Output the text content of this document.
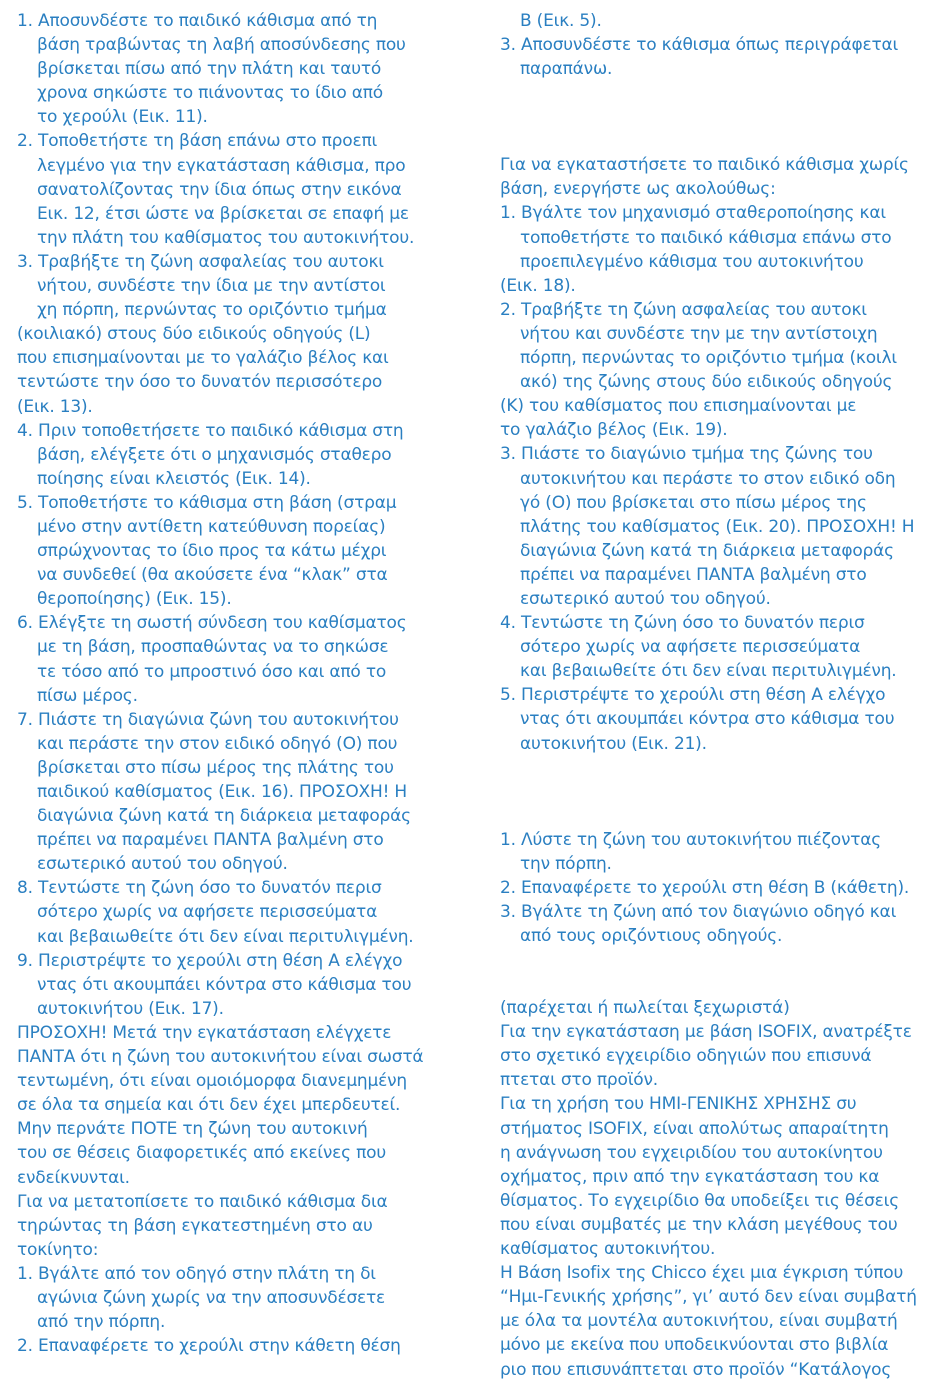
1. Αποσυνδέστε το παιδικό κάθισμα από τη
βάση τραβώντας τη λαβή αποσύνδεσης που
βρίσκεται πίσω από την πλάτη και ταυτό
χρονα σηκώστε το πιάνοντας το ίδιο από
το χερούλι (Εικ. 11).
2. Τοποθετήστε τη βάση επάνω στο προεπι
λεγμένο για την εγκατάσταση κάθισμα, προ
σανατολίζοντας την ίδια όπως στην εικόνα
Εικ. 12, έτσι ώστε να βρίσκεται σε επαφή με
την πλάτη του καθίσματος του αυτοκινήτου.
3. Τραβήξτε τη ζώνη ασφαλείας του αυτοκι
νήτου, συνδέστε την ίδια με την αντίστοι
χη πόρπη, περνώντας το οριζόντιο τμήμα
(κοιλιακό) στους δύο ειδικούς οδηγούς (L)
που επισημαίνονται με το γαλάζιο βέλος και
τεντώστε την όσο το δυνατόν περισσότερο
(Εικ. 13).
4. Πριν τοποθετήσετε το παιδικό κάθισμα στη
βάση, ελέγξετε ότι ο μηχανισμός σταθερο
ποίησης είναι κλειστός (Εικ. 14).
5. Τοποθετήστε το κάθισμα στη βάση (στραμ
μένο στην αντίθετη κατεύθυνση πορείας)
σπρώχνοντας το ίδιο προς τα κάτω μέχρι
να συνδεθεί (θα ακούσετε ένα “κλακ” στα
θεροποίησης) (Εικ. 15).
6. Ελέγξτε τη σωστή σύνδεση του καθίσματος
με τη βάση, προσπαθώντας να το σηκώσε
τε τόσο από το μπροστινό όσο και από το
πίσω μέρος.
7. Πιάστε τη διαγώνια ζώνη του αυτοκινήτου
και περάστε την στον ειδικό οδηγό (O) που
βρίσκεται στο πίσω μέρος της πλάτης του
παιδικού καθίσματος (Εικ. 16). ΠΡΟΣΟΧΗ! Η
διαγώνια ζώνη κατά τη διάρκεια μεταφοράς
πρέπει να παραμένει ΠΑΝΤΑ βαλμένη στο
εσωτερικό αυτού του οδηγού.
8. Τεντώστε τη ζώνη όσο το δυνατόν περισ
σότερο χωρίς να αφήσετε περισσεύματα
και βεβαιωθείτε ότι δεν είναι περιτυλιγμένη.
9. Περιστρέψτε το χερούλι στη θέση Α ελέγχο
ντας ότι ακουμπάει κόντρα στο κάθισμα του
αυτοκινήτου (Εικ. 17).
ΠΡΟΣΟΧΗ! Μετά την εγκατάσταση ελέγχετε
ΠΑΝΤΑ ότι η ζώνη του αυτοκινήτου είναι σωστά
τεντωμένη, ότι είναι ομοιόμορφα διανεμημένη
σε όλα τα σημεία και ότι δεν έχει μπερδευτεί.
Μην περνάτε ΠΟΤΕ τη ζώνη του αυτοκινή
του σε θέσεις διαφορετικές από εκείνες που
ενδείκνυνται.
Για να μετατοπίσετε το παιδικό κάθισμα δια
τηρώντας τη βάση εγκατεστημένη στο αυ
τοκίνητο:
1. Βγάλτε από τον οδηγό στην πλάτη τη δι
αγώνια ζώνη χωρίς να την αποσυνδέσετε
από την πόρπη.
2. Επαναφέρετε το χερούλι στην κάθετη θέση
Β (Εικ. 5).
3. Αποσυνδέστε το κάθισμα όπως περιγράφεται
παραπάνω.
Για να εγκαταστήσετε το παιδικό κάθισμα χωρίς
βάση, ενεργήστε ως ακολούθως:
1. Βγάλτε τον μηχανισμό σταθεροποίησης και
τοποθετήστε το παιδικό κάθισμα επάνω στο
προεπιλεγμένο κάθισμα του αυτοκινήτου
(Εικ. 18).
2. Τραβήξτε τη ζώνη ασφαλείας του αυτοκι
νήτου και συνδέστε την με την αντίστοιχη
πόρπη, περνώντας το οριζόντιο τμήμα (κοιλι
ακό) της ζώνης στους δύο ειδικούς οδηγούς
(K) του καθίσματος που επισημαίνονται με
το γαλάζιο βέλος (Εικ. 19).
3. Πιάστε το διαγώνιο τμήμα της ζώνης του
αυτοκινήτου και περάστε το στον ειδικό οδη
γό (O) που βρίσκεται στο πίσω μέρος της
πλάτης του καθίσματος (Εικ. 20). ΠΡΟΣΟΧΗ! Η
διαγώνια ζώνη κατά τη διάρκεια μεταφοράς
πρέπει να παραμένει ΠΑΝΤΑ βαλμένη στο
εσωτερικό αυτού του οδηγού.
4. Τεντώστε τη ζώνη όσο το δυνατόν περισ
σότερο χωρίς να αφήσετε περισσεύματα
και βεβαιωθείτε ότι δεν είναι περιτυλιγμένη.
5. Περιστρέψτε το χερούλι στη θέση Α ελέγχο
ντας ότι ακουμπάει κόντρα στο κάθισμα του
αυτοκινήτου (Εικ. 21).
1. Λύστε τη ζώνη του αυτοκινήτου πιέζοντας
την πόρπη.
2. Επαναφέρετε το χερούλι στη θέση Β (κάθετη).
3. Βγάλτε τη ζώνη από τον διαγώνιο οδηγό και
από τους οριζόντιους οδηγούς.
(παρέχεται ή πωλείται ξεχωριστά)
Για την εγκατάσταση με βάση ISOFIX, ανατρέξτε
στο σχετικό εγχειρίδιο οδηγιών που επισυνά
πτεται στο προϊόν.
Για τη χρήση του ΗΜΙ-ΓΕΝΙΚΗΣ ΧΡΗΣΗΣ συ
στήματος ISOFIX, είναι απολύτως απαραίτητη
η ανάγνωση του εγχειριδίου του αυτοκίνητου
οχήματος, πριν από την εγκατάσταση του κα
θίσματος. Το εγχειρίδιο θα υποδείξει τις θέσεις
που είναι συμβατές με την κλάση μεγέθους του
καθίσματος αυτοκινήτου.
Η Βάση Isofix της Chicco έχει μια έγκριση τύπου
“Ημι-Γενικής χρήσης”, γι’ αυτό δεν είναι συμβατή
με όλα τα μοντέλα αυτοκινήτου, είναι συμβατή
μόνο με εκείνα που υποδεικνύονται στο βιβλία
ριο που επισυνάπτεται στο προϊόν “Κατάλογος
